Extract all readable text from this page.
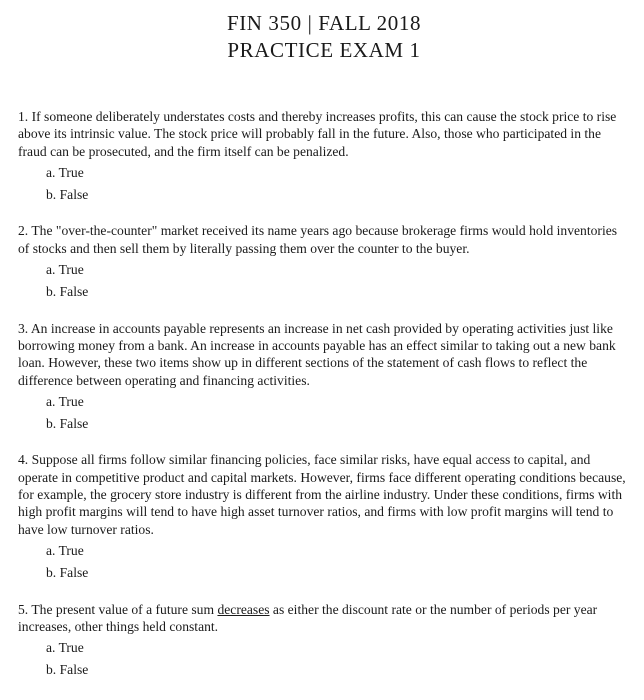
FIN 350 | FALL 2018
PRACTICE EXAM 1

1. If someone deliberately understates costs and thereby increases profits, this can cause the stock price to rise above its intrinsic value. The stock price will probably fall in the future. Also, those who participated in the fraud can be prosecuted, and the firm itself can be penalized.

a. True
b. False

2. The "over-the-counter" market received its name years ago because brokerage firms would hold inventories of stocks and then sell them by literally passing them over the counter to the buyer.

a. True
b. False

3. An increase in accounts payable represents an increase in net cash provided by operating activities just like borrowing money from a bank. An increase in accounts payable has an effect similar to taking out a new bank loan. However, these two items show up in different sections of the statement of cash flows to reflect the difference between operating and financing activities.

a. True
b. False

4. Suppose all firms follow similar financing policies, face similar risks, have equal access to capital, and operate in competitive product and capital markets. However, firms face different operating conditions because, for example, the grocery store industry is different from the airline industry. Under these conditions, firms with high profit margins will tend to have high asset turnover ratios, and firms with low profit margins will tend to have low turnover ratios.

a. True
b. False

5. The present value of a future sum decreases as either the discount rate or the number of periods per year increases, other things held constant.

a. True
b. False
